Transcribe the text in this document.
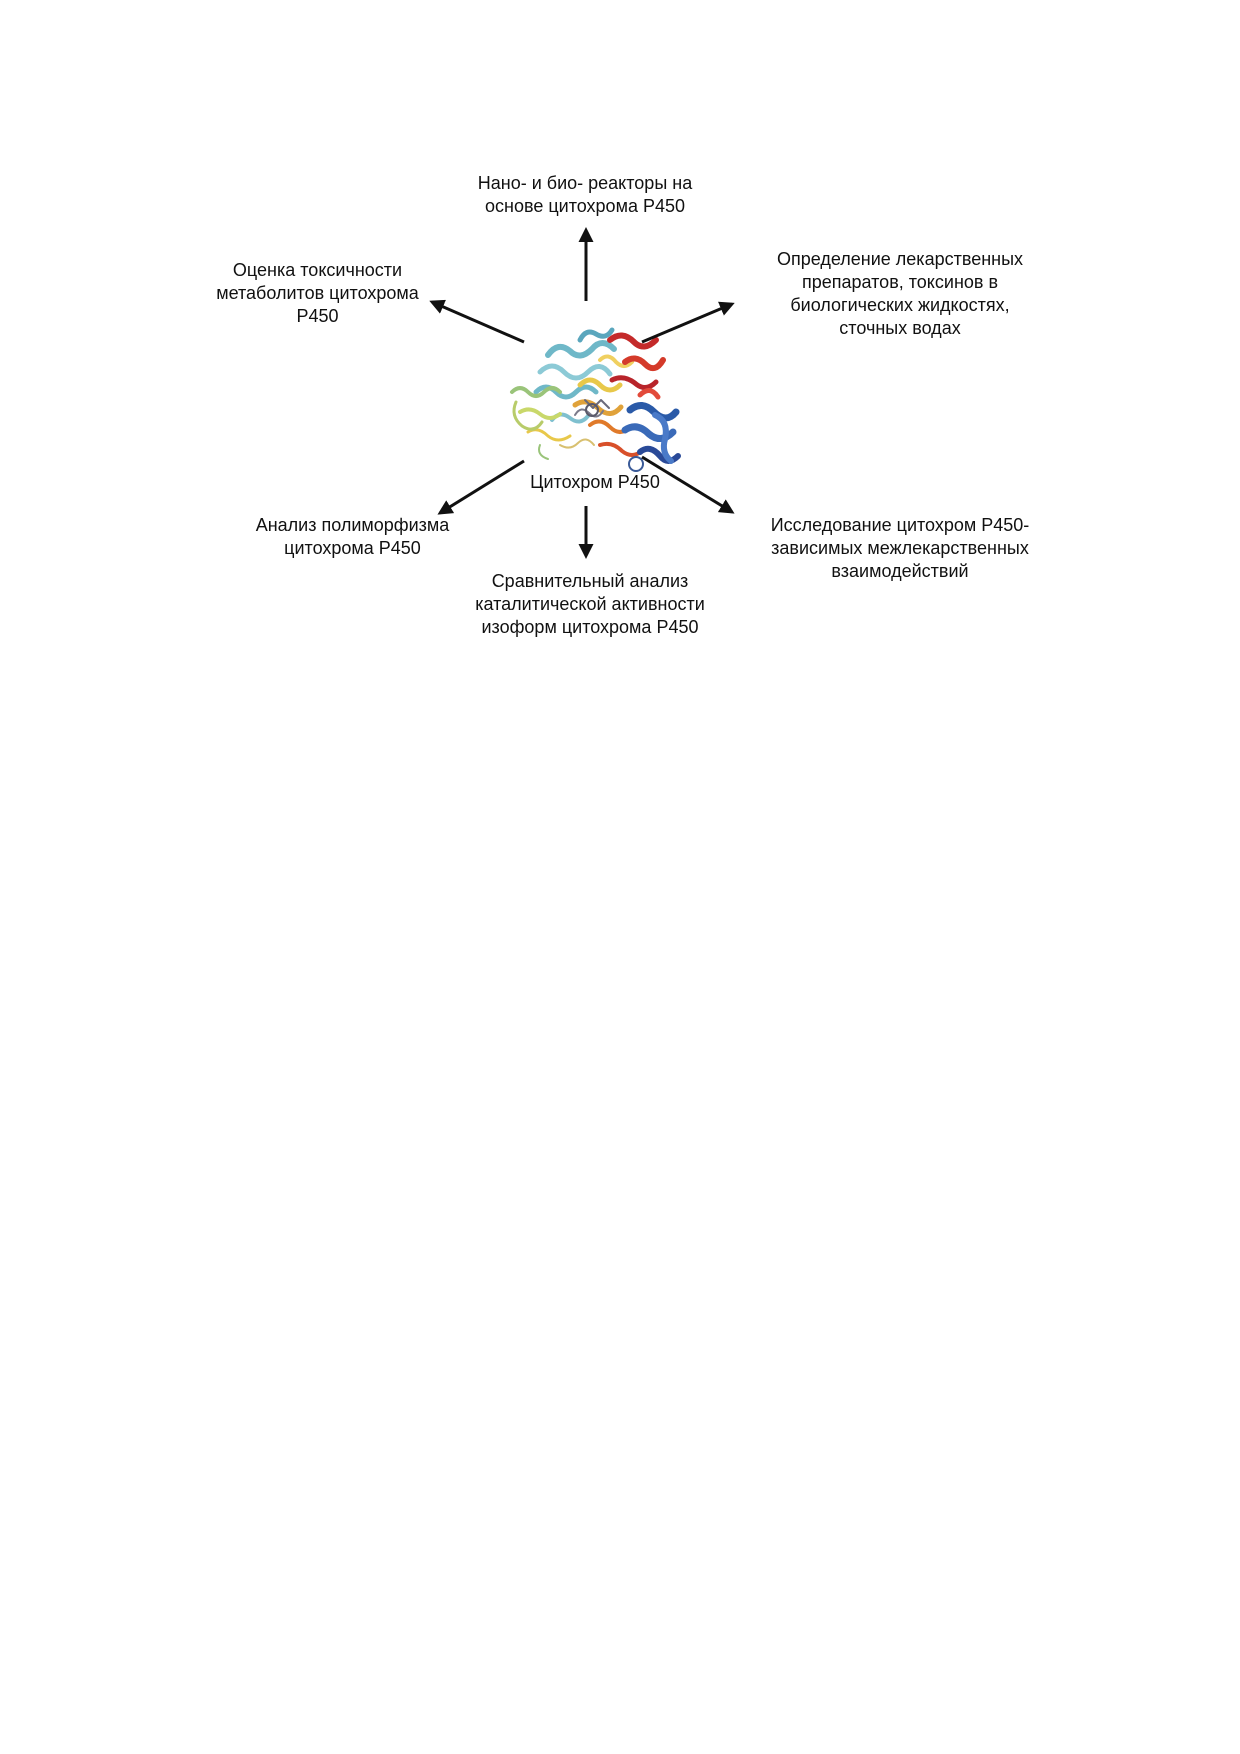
Нано- и био- реакторы на
основе цитохрома P450
Оценка токсичности
метаболитов цитохрома
P450
Определение лекарственных
препаратов, токсинов в
биологических жидкостях,
сточных водах
Цитохром P450
Анализ полиморфизма
цитохрома P450
Сравнительный анализ
каталитической активности
изоформ цитохрома P450
Исследование цитохром P450-
зависимых межлекарственных
взаимодействий
